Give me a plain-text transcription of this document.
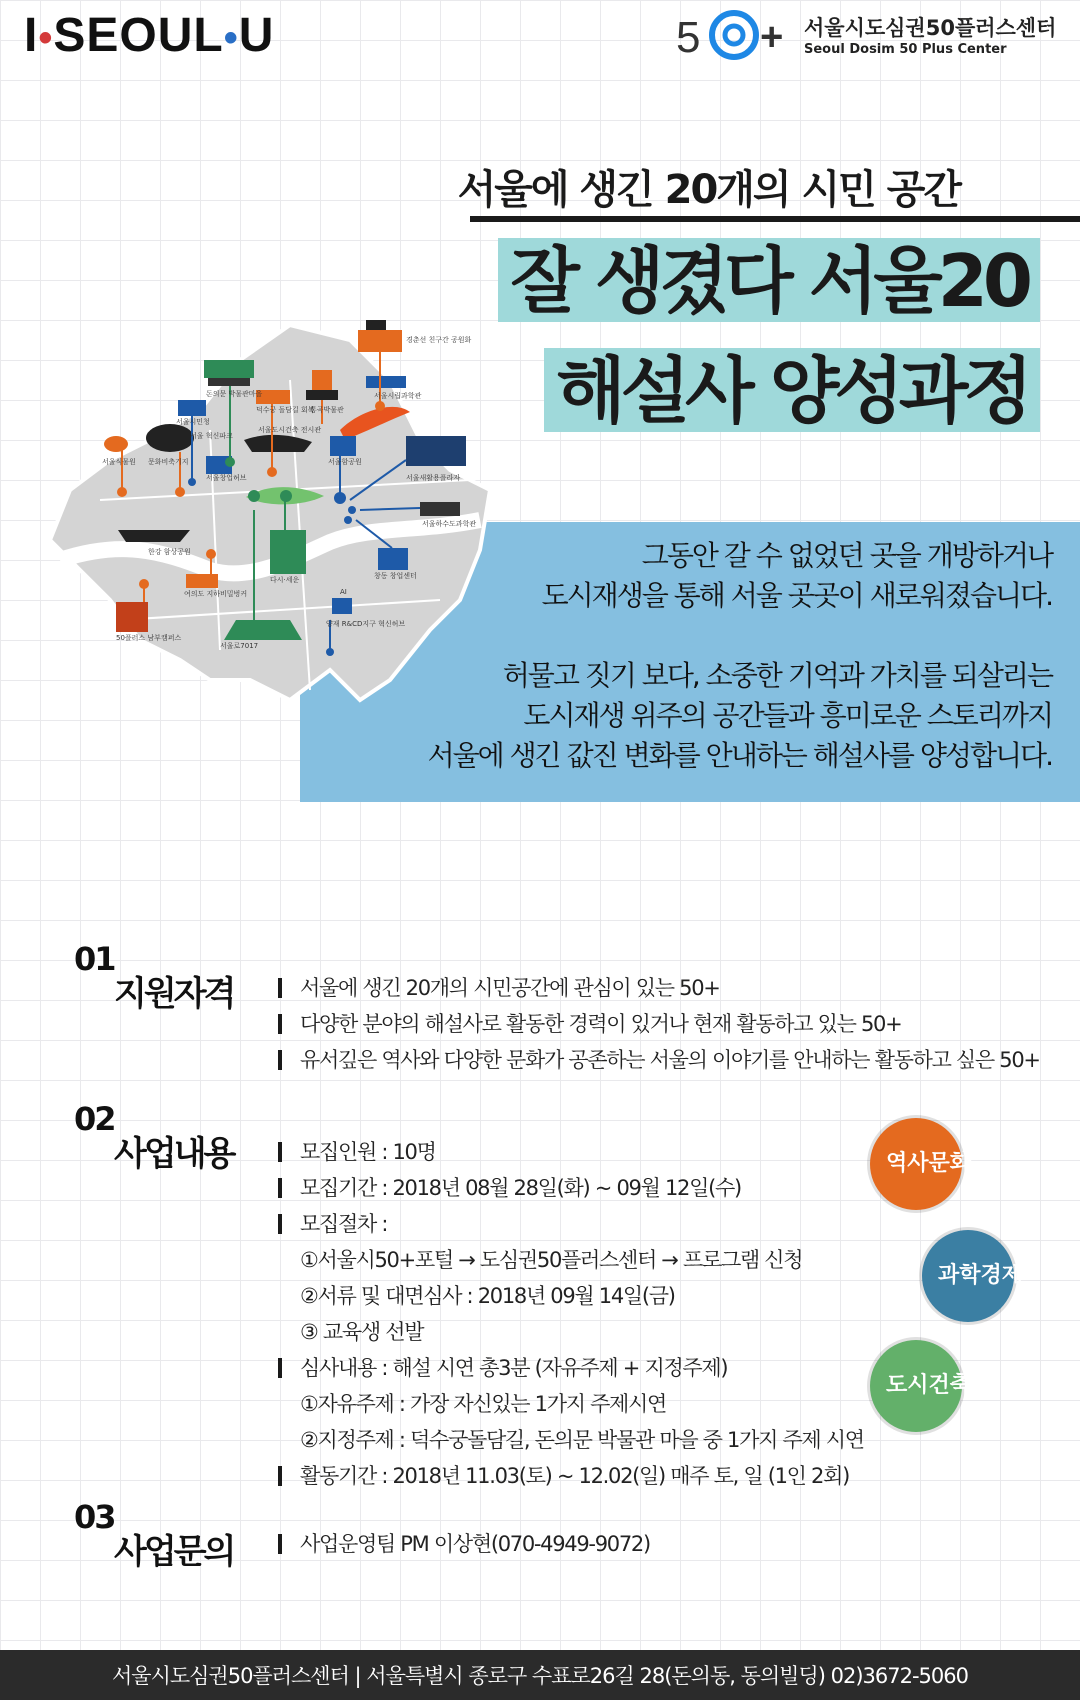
I•SEOUL•U	5 + 서울시도심권50플러스센터
Seoul Dosim 50 Plus Center
서울에 생긴 20개의 시민 공간
잘 생겼다 서울20
해설사 양성과정
그동안 갈 수 없었던 곳을 개방하거나
도시재생을 통해 서울 곳곳이 새로워졌습니다.
허물고 짓기 보다, 소중한 기억과 가치를 되살리는
도시재생 위주의 공간들과 흥미로운 스토리까지
서울에 생긴 값진 변화를 안내하는 해설사를 양성합니다.
경춘선 친구간 공원화
돈의문 박물관마을
덕수궁 돌담길 회복
통곡박물관
서울시민청
서울시립과학관
서울도시건축 전시관
서울식물원 문화비축기지	서울함공원
서울새활용플라자
서울하수도과학관
한강 함상공원
다시·세운	창동 창업센터
여의도 지하비밀벙커
50플러스 남부캠퍼스
서울로7017
양재 R&CD지구 혁신허브
AI
서울창업허브
서울 혁신파크
01
지원자격	서울에 생긴 20개의 시민공간에 관심이 있는 50+
다양한 분야의 해설사로 활동한 경력이 있거나 현재 활동하고 있는 50+
유서깊은 역사와 다양한 문화가 공존하는 서울의 이야기를 안내하는 활동하고 싶은 50+
02
사업내용	모집인원 : 10명
모집기간 : 2018년 08월 28일(화) ~ 09월 12일(수)
모집절차 :
①서울시50+포털 → 도심권50플러스센터 → 프로그램 신청
②서류 및 대면심사 : 2018년 09월 14일(금)
③ 교육생 선발
심사내용 : 해설 시연 총3분 (자유주제 + 지정주제)
①자유주제 : 가장 자신있는 1가지 주제시연
②지정주제 : 덕수궁돌담길, 돈의문 박물관 마을 중 1가지 주제 시연
활동기간 : 2018년 11.03(토) ~ 12.02(일) 매주 토, 일 (1인 2회)
역사문화
과학경제
도시건축
03
사업문의	사업운영팀 PM 이상현(070-4949-9072)
서울시도심권50플러스센터 | 서울특별시 종로구 수표로26길 28(돈의동, 동의빌딩) 02)3672-5060
